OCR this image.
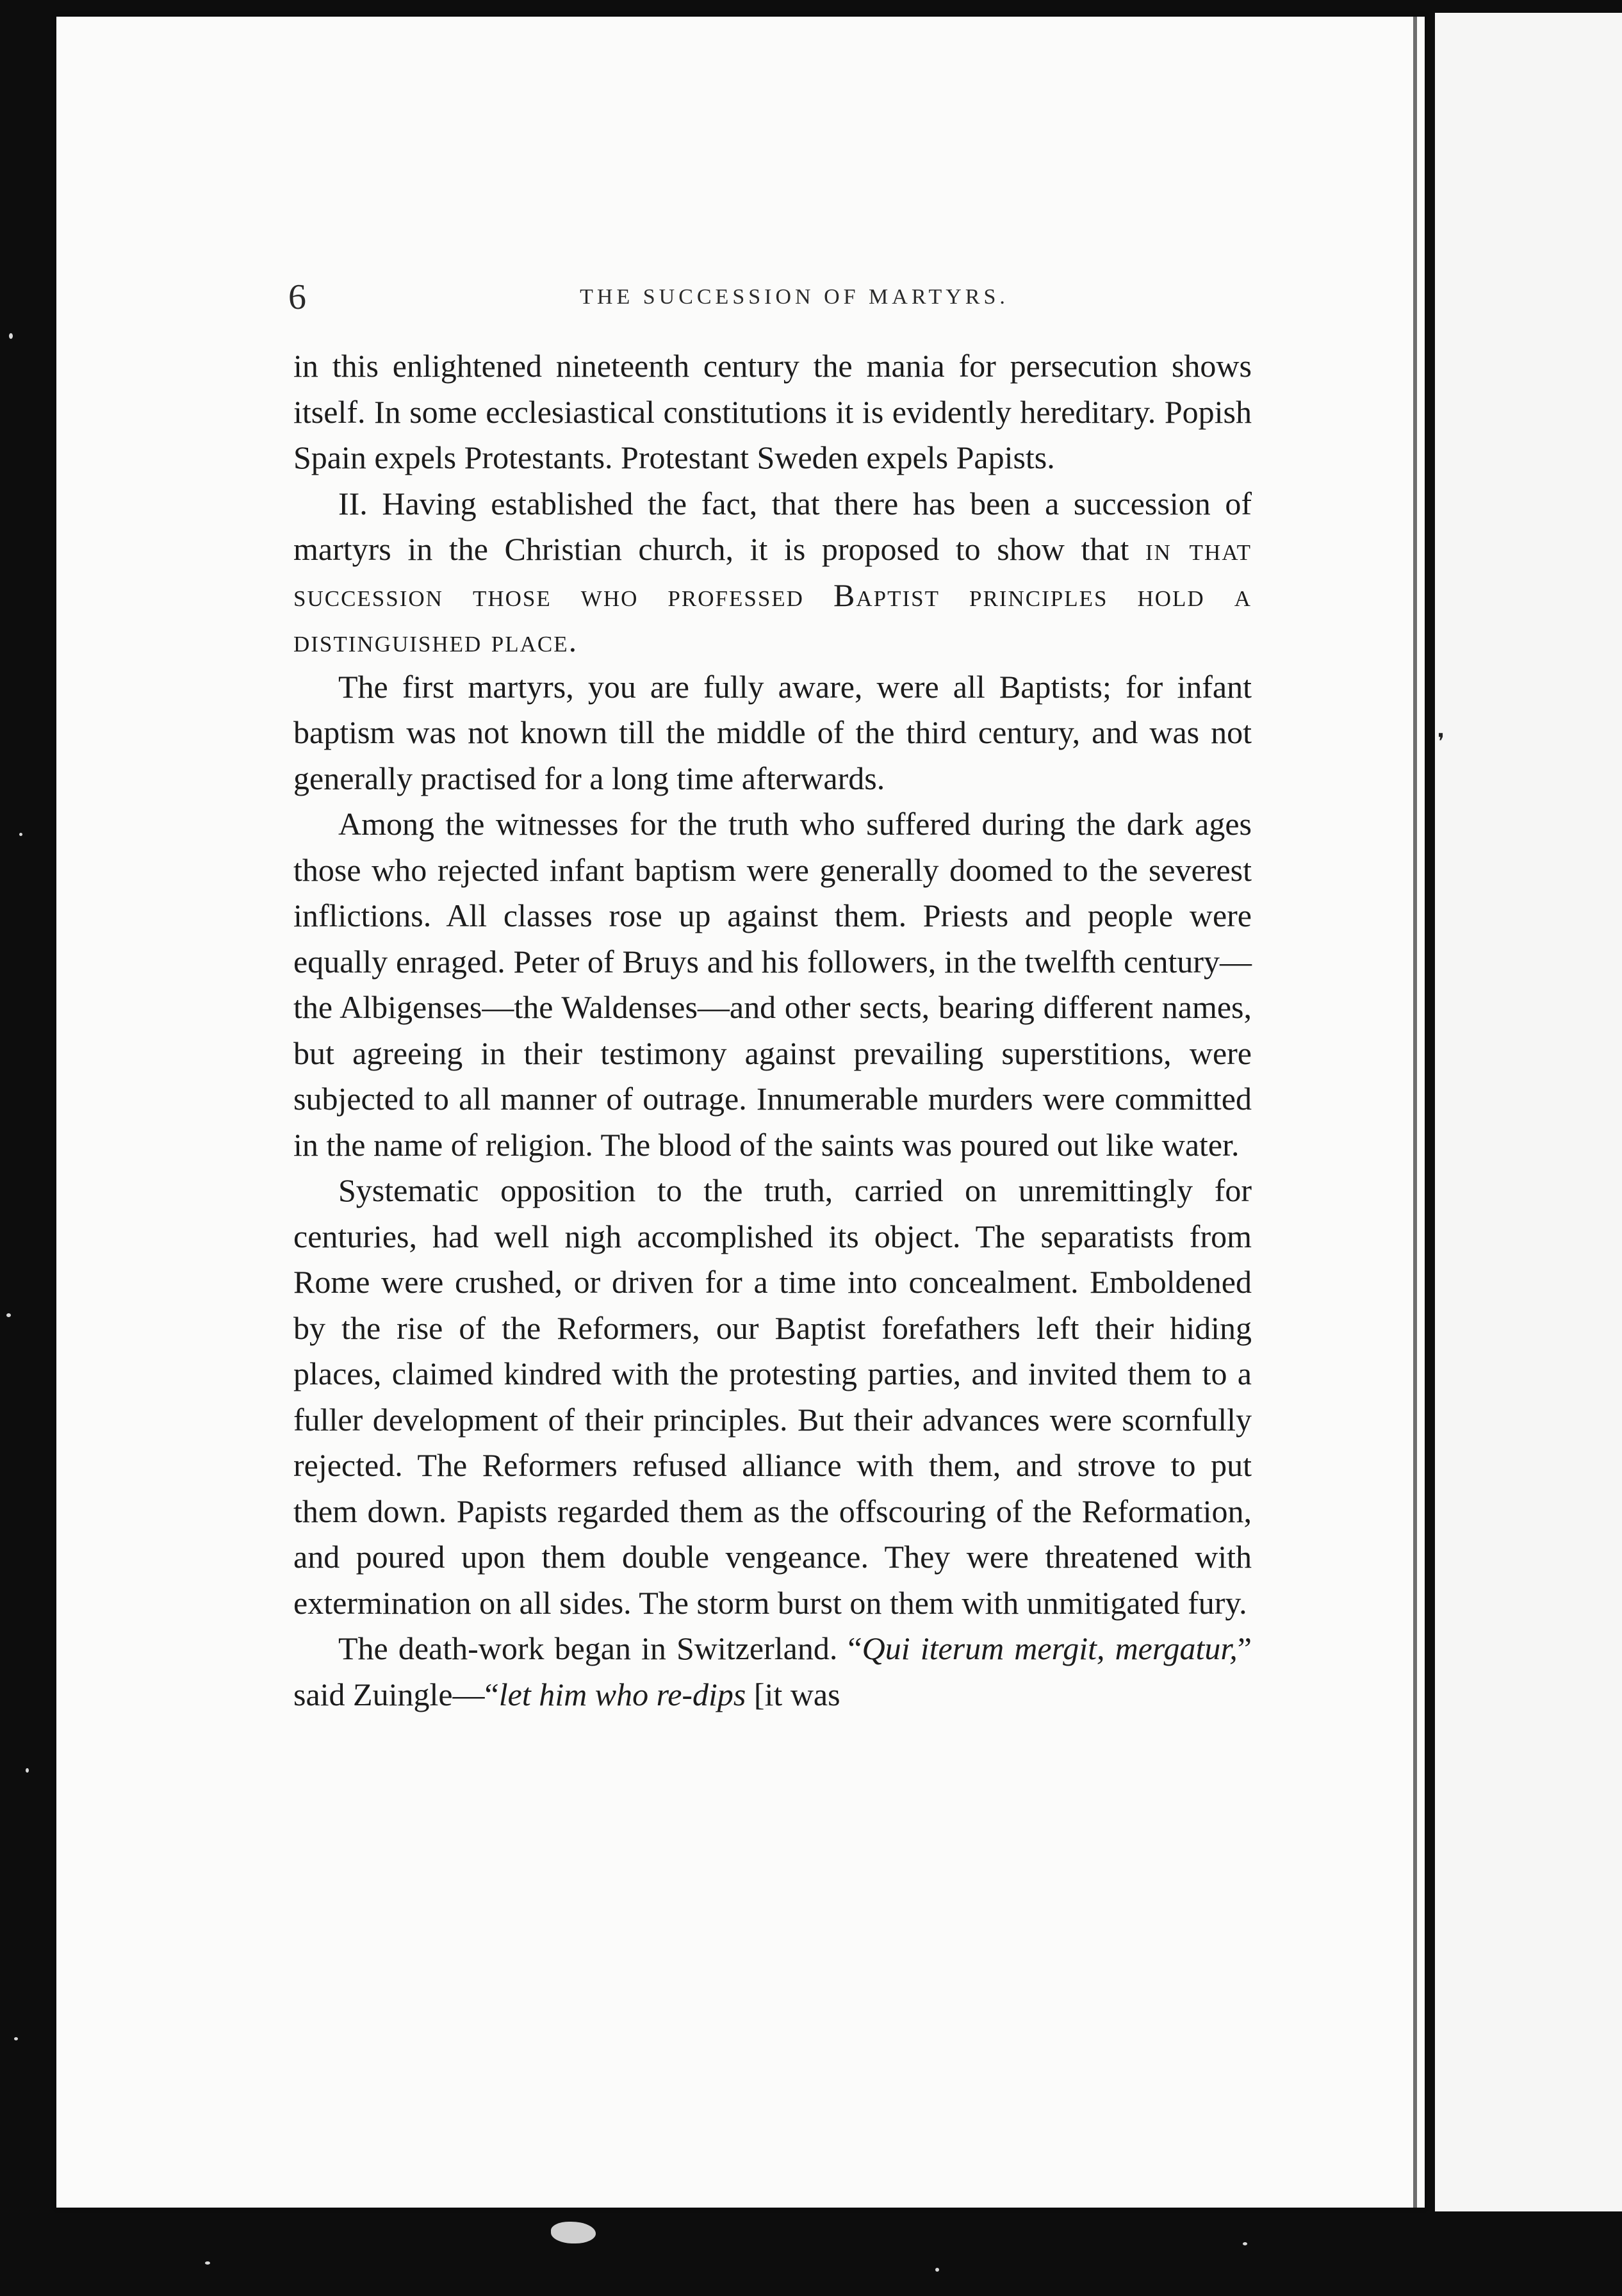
❜
6	THE SUCCESSION OF MARTYRS.

in this enlightened nineteenth century the mania for persecution shows itself. In some ecclesiastical constitutions it is evidently hereditary. Popish Spain expels Protestants. Protestant Sweden expels Papists.

II. Having established the fact, that there has been a succession of martyrs in the Christian church, it is proposed to show that in that succession those who professed Baptist principles hold a distinguished place.

The first martyrs, you are fully aware, were all Baptists; for infant baptism was not known till the middle of the third century, and was not generally practised for a long time afterwards.

Among the witnesses for the truth who suffered during the dark ages those who rejected infant baptism were generally doomed to the severest inflictions. All classes rose up against them. Priests and people were equally enraged. Peter of Bruys and his followers, in the twelfth century—the Albigenses—the Waldenses—and other sects, bearing different names, but agreeing in their testimony against prevailing superstitions, were subjected to all manner of outrage. Innumerable murders were committed in the name of religion. The blood of the saints was poured out like water.

Systematic opposition to the truth, carried on unremittingly for centuries, had well nigh accomplished its object. The separatists from Rome were crushed, or driven for a time into concealment. Emboldened by the rise of the Reformers, our Baptist forefathers left their hiding places, claimed kindred with the protesting parties, and invited them to a fuller development of their principles. But their advances were scornfully rejected. The Reformers refused alliance with them, and strove to put them down. Papists regarded them as the offscouring of the Reformation, and poured upon them double vengeance. They were threatened with extermination on all sides. The storm burst on them with unmitigated fury.

The death-work began in Switzerland. “Qui iterum mergit, mergatur,” said Zuingle—“let him who re-dips [it was
